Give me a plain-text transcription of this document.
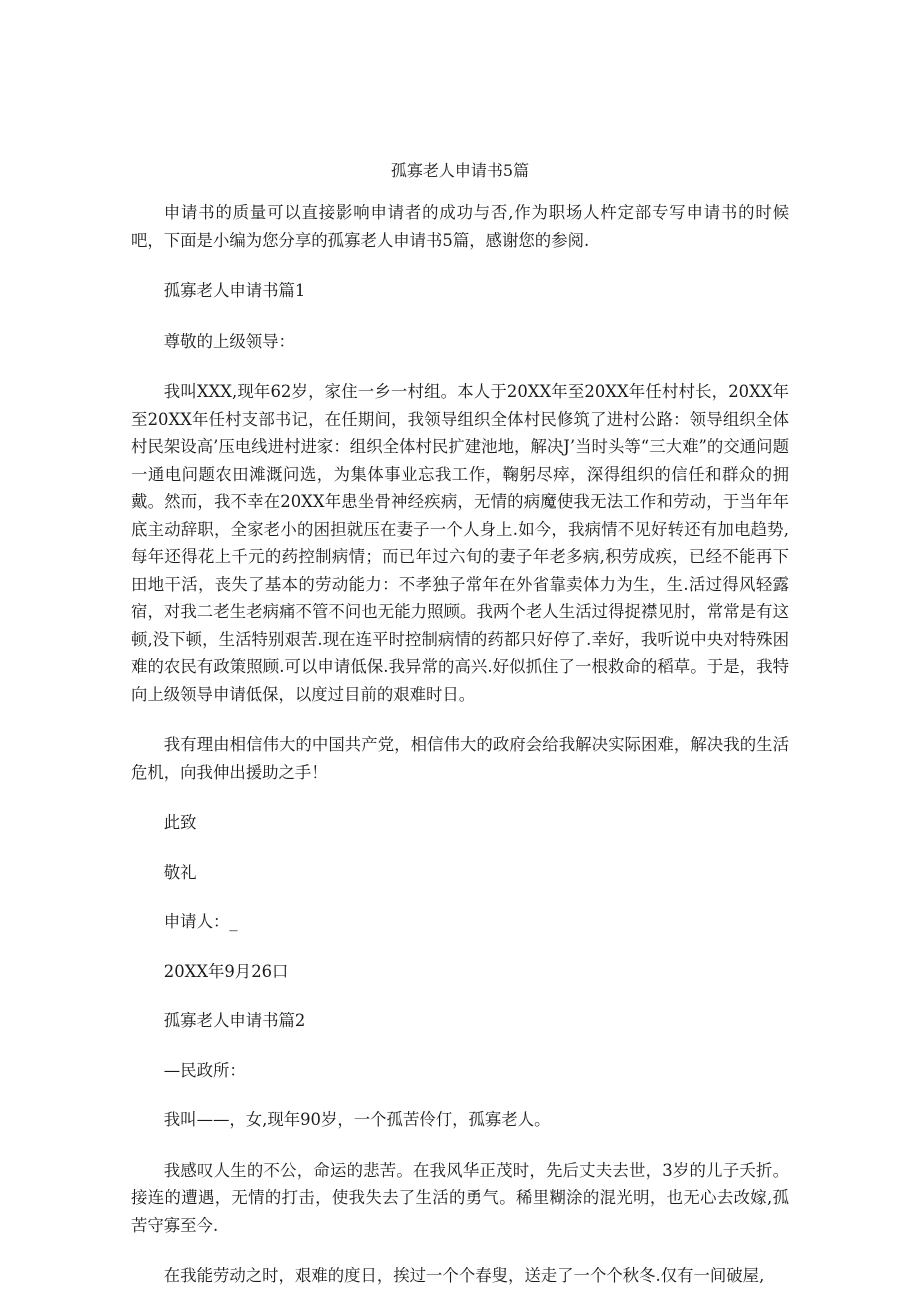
孤寡老人申请书5篇

申请书的质量可以直接影响申请者的成功与否,作为职场人杵定部专写申请书的时候吧，下面是小编为您分享的孤寡老人申请书5篇，感谢您的参阅.

孤寡老人申请书篇1

尊敬的上级领导：

我叫XXX,现年62岁，家住一乡一村组。本人于20XX年至20XX年任村村长，20XX年至20XX年任村支部书记，在任期间，我领导组织全体村民修筑了进村公路：领导组织全体村民架设高’压电线进村进家：组织全体村民扩建池地，解决J’当时头等“三大难”的交通问题一通电问题农田滩溉问选，为集体事业忘我工作，鞠躬尽瘁，深得组织的信任和群众的拥戴。然而，我不幸在20XX年患坐骨神经疾病，无情的病魔使我无法工作和劳动，于当年年底主动辞职，全家老小的困担就压在妻子一个人身上.如今，我病情不见好转还有加电趋势,每年还得花上千元的药控制病情；而已年过六旬的妻子年老多病,积劳成疾，已经不能再下田地干活，丧失了基本的劳动能力：不孝独子常年在外省靠卖体力为生，生.活过得风轻露宿，对我二老生老病痛不管不问也无能力照顾。我两个老人生活过得捉襟见肘，常常是有这顿,没下顿，生活特别艰苦.现在连平时控制病情的药都只好停了.幸好，我听说中央对特殊困难的农民有政策照顾.可以申请低保.我异常的高兴.好似抓住了一根救命的稻草。于是，我特向上级领导申请低保，以度过目前的艰难时日。

我有理由相信伟大的中国共产党，相信伟大的政府会给我解决实际困难，解决我的生活危机，向我伸出援助之手！

此致

敬礼

申请人：_

20XX年9月26口

孤寡老人申请书篇2

—民政所：

我叫——，女,现年90岁，一个孤苦伶仃，孤寡老人。

我感叹人生的不公，命运的悲苦。在我风华正茂时，先后丈夫去世，3岁的儿子夭折。接连的遭遇，无情的打击，使我失去了生活的勇气。稀里糊涂的混光明，也无心去改嫁,孤苦守寡至今.

在我能劳动之时，艰难的度日，挨过一个个春叟，送走了一个个秋冬.仅有一间破屋,
